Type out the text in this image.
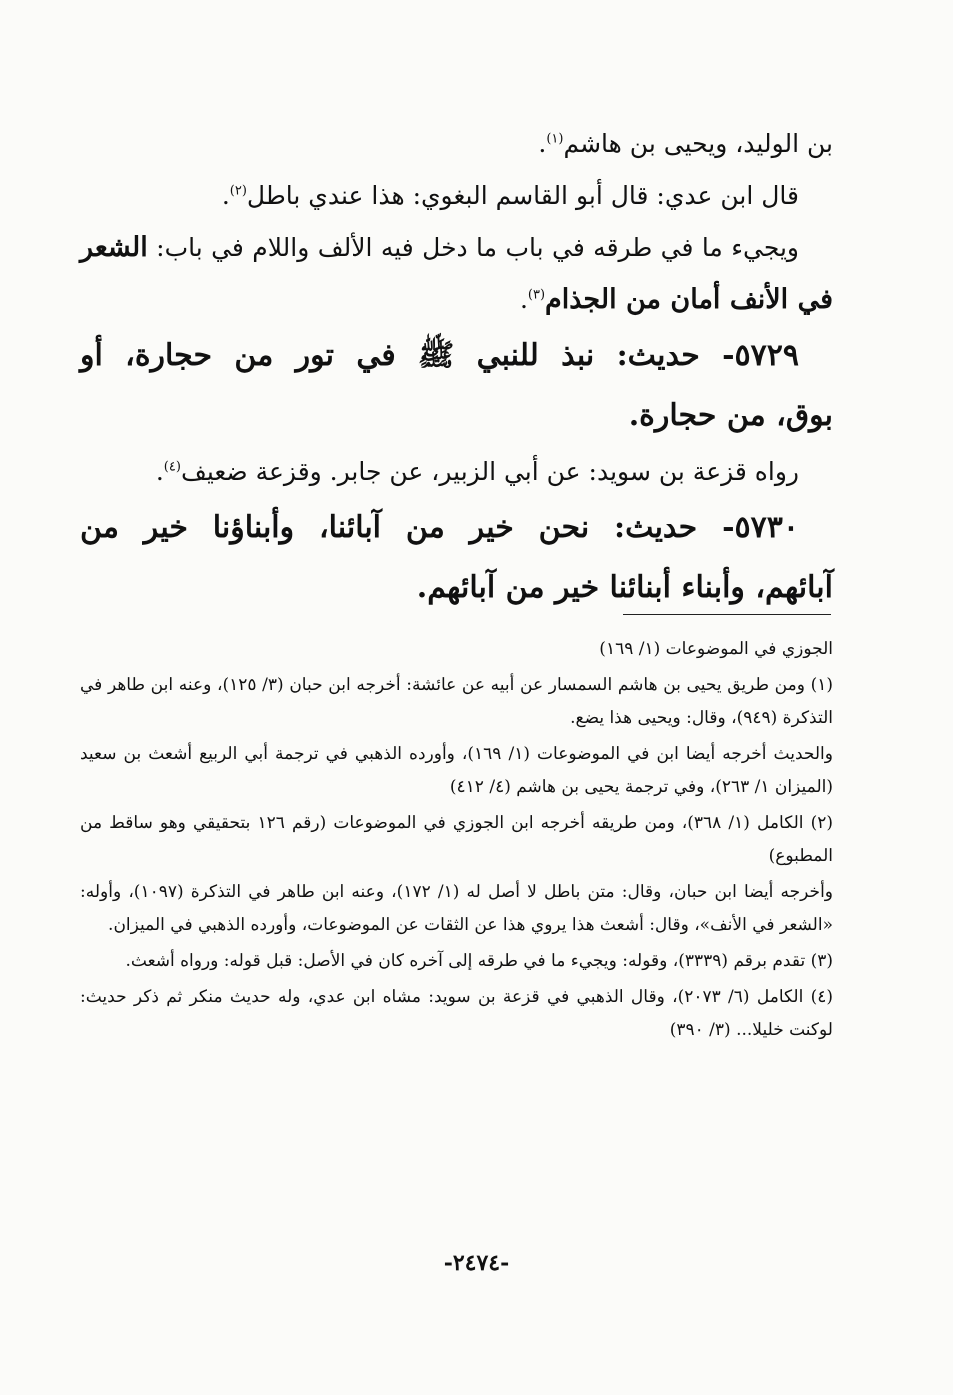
بن الوليد، ويحيى بن هاشم$^{(١)}$.
قال ابن عدي: قال أبو القاسم البغوي: هذا عندي باطل$^{(٢)}$.
ويجيء ما في طرقه في باب ما دخل فيه الألف واللام في باب: الشعر
في الأنف أمان من الجذام$^{(٣)}$.
٥٧٢٩- حديث: نبذ للنبي ﷺ في تور من حجارة، أو
بوق، من حجارة.
رواه قزعة بن سويد: عن أبي الزبير، عن جابر. وقزعة ضعيف$^{(٤)}$.
٥٧٣٠- حديث: نحن خير من آبائنا، وأبناؤنا خير من
آبائهم، وأبناء أبنائنا خير من آبائهم.
الجوزي في الموضوعات (١/ ١٦٩)
(١) ومن طريق يحيى بن هاشم السمسار عن أبيه عن عائشة: أخرجه ابن حبان (٣/ ١٢٥)، وعنه ابن طاهر في التذكرة (٩٤٩)، وقال: ويحيى هذا يضع.
والحديث أخرجه أيضا ابن في الموضوعات (١/ ١٦٩)، وأورده الذهبي في ترجمة أبي الربيع أشعث بن سعيد (الميزان ١/ ٢٦٣)، وفي ترجمة يحيى بن هاشم (٤/ ٤١٢)
(٢) الكامل (١/ ٣٦٨)، ومن طريقه أخرجه ابن الجوزي في الموضوعات (رقم ١٢٦ بتحقيقي وهو ساقط من المطبوع)
وأخرجه أيضا ابن حبان، وقال: متن باطل لا أصل له (١/ ١٧٢)، وعنه ابن طاهر في التذكرة (١٠٩٧)، وأوله: «الشعر في الأنف»، وقال: أشعث هذا يروي هذا عن الثقات عن الموضوعات، وأورده الذهبي في الميزان.
(٣) تقدم برقم (٣٣٣٩)، وقوله: ويجيء ما في طرقه إلى آخره كان في الأصل: قبل قوله: ورواه أشعث.
(٤) الكامل (٦/ ٢٠٧٣)، وقال الذهبي في قزعة بن سويد: مشاه ابن عدي، وله حديث منكر ثم ذكر حديث: لوكنت خليلا... (٣/ ٣٩٠)
-٢٤٧٤-
